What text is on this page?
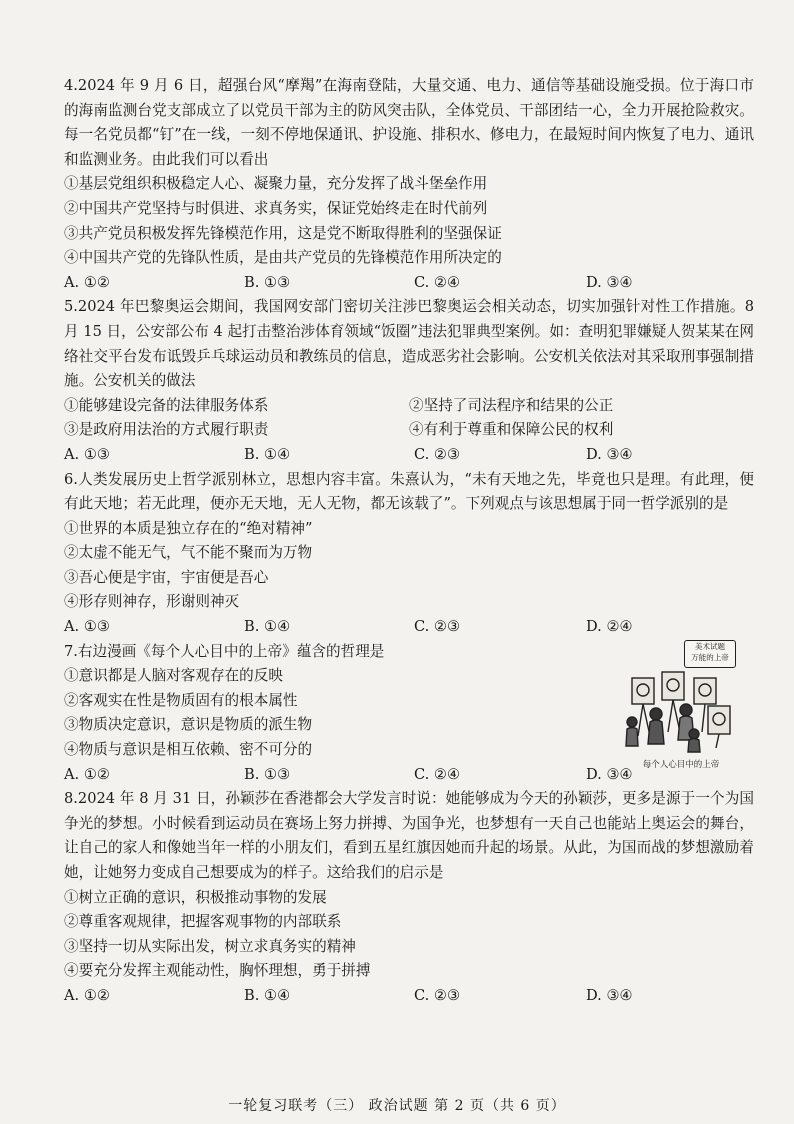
4.2024 年 9 月 6 日，超强台风“摩羯”在海南登陆，大量交通、电力、通信等基础设施受损。位于海口市的海南监测台党支部成立了以党员干部为主的防风突击队，全体党员、干部团结一心，全力开展抢险救灾。每一名党员都“钉”在一线，一刻不停地保通讯、护设施、排积水、修电力，在最短时间内恢复了电力、通讯和监测业务。由此我们可以看出

①基层党组织积极稳定人心、凝聚力量，充分发挥了战斗堡垒作用

②中国共产党坚持与时俱进、求真务实，保证党始终走在时代前列

③共产党员积极发挥先锋模范作用，这是党不断取得胜利的坚强保证

④中国共产党的先锋队性质，是由共产党员的先锋模范作用所决定的

A. ①②	B. ①③	C. ②④	D. ③④

5.2024 年巴黎奥运会期间，我国网安部门密切关注涉巴黎奥运会相关动态，切实加强针对性工作措施。8 月 15 日，公安部公布 4 起打击整治涉体育领域“饭圈”违法犯罪典型案例。如：查明犯罪嫌疑人贺某某在网络社交平台发布诋毁乒乓球运动员和教练员的信息，造成恶劣社会影响。公安机关依法对其采取刑事强制措施。公安机关的做法

①能够建设完备的法律服务体系	②坚持了司法程序和结果的公正

③是政府用法治的方式履行职责	④有利于尊重和保障公民的权利

A. ①③	B. ①④	C. ②③	D. ③④

6.人类发展历史上哲学派别林立，思想内容丰富。朱熹认为，“未有天地之先，毕竟也只是理。有此理，便有此天地；若无此理，便亦无天地，无人无物，都无该载了”。下列观点与该思想属于同一哲学派别的是

①世界的本质是独立存在的“绝对精神”

②太虚不能无气，气不能不聚而为万物

③吾心便是宇宙，宇宙便是吾心

④形存则神存，形谢则神灭

A. ①③	B. ①④	C. ②③	D. ②④

7.右边漫画《每个人心目中的上帝》蕴含的哲理是

①意识都是人脑对客观存在的反映

②客观实在性是物质固有的根本属性

③物质决定意识，意识是物质的派生物

④物质与意识是相互依赖、密不可分的

A. ①②	B. ①③	C. ②④	D. ③④
美术试题
万能的上帝
每个人心目中的上帝

8.2024 年 8 月 31 日，孙颖莎在香港都会大学发言时说：她能够成为今天的孙颖莎，更多是源于一个为国争光的梦想。小时候看到运动员在赛场上努力拼搏、为国争光，也梦想有一天自己也能站上奥运会的舞台，让自己的家人和像她当年一样的小朋友们，看到五星红旗因她而升起的场景。从此，为国而战的梦想激励着她，让她努力变成自己想要成为的样子。这给我们的启示是

①树立正确的意识，积极推动事物的发展

②尊重客观规律，把握客观事物的内部联系

③坚持一切从实际出发，树立求真务实的精神

④要充分发挥主观能动性，胸怀理想，勇于拼搏

A. ①②	B. ①④	C. ②③	D. ③④
一轮复习联考（三） 政治试题 第 2 页（共 6 页）
